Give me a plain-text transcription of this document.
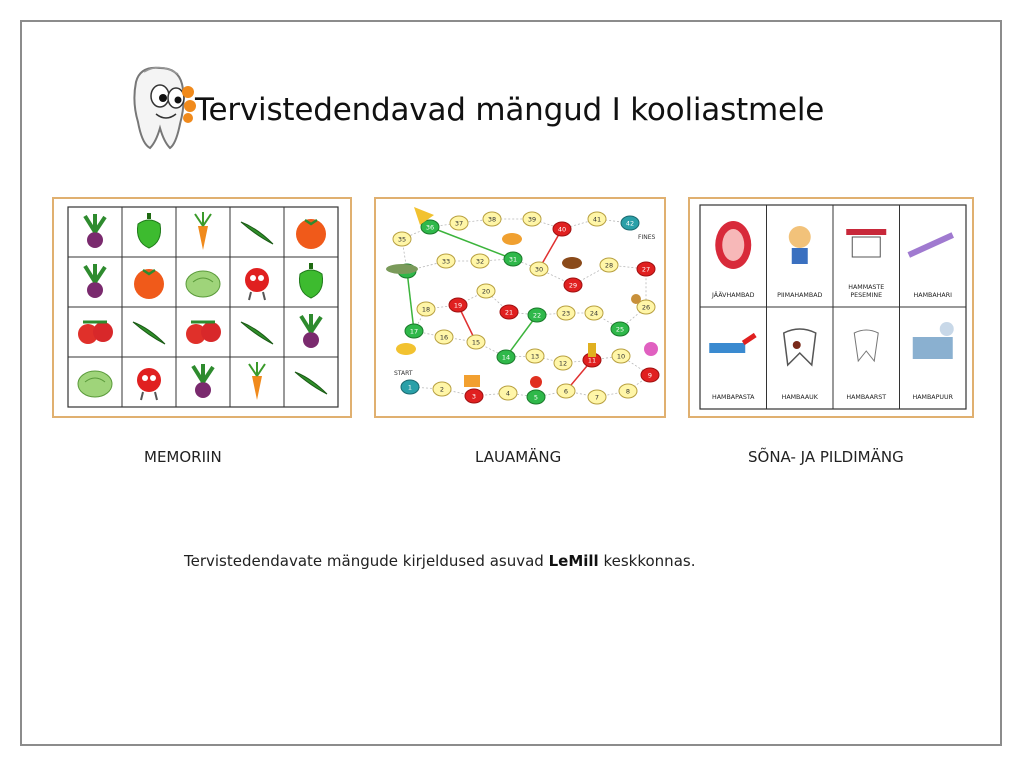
Tervistedendavad mängud I kooliastmele
1	2
3	4	5
6
7
8
9
10
11
12
13
14
15
16
17
18	19
20
21	22	23	24
25
26
27
28
29
30
31
32
33
35
36	37	38	39
40
41	42
START
FINES
JÄÄVHAMBAD	PIIMAHAMBAD
HAMMASTE
PESEMINE	HAMBAHARI
HAMBAPASTA	HAMBAAUK	HAMBAARST	HAMBAPUUR
MEMORIIN	LAUAMÄNG	SÕNA- JA PILDIMÄNG
Tervistedendavate mängude kirjeldused asuvad LeMill keskkonnas.
